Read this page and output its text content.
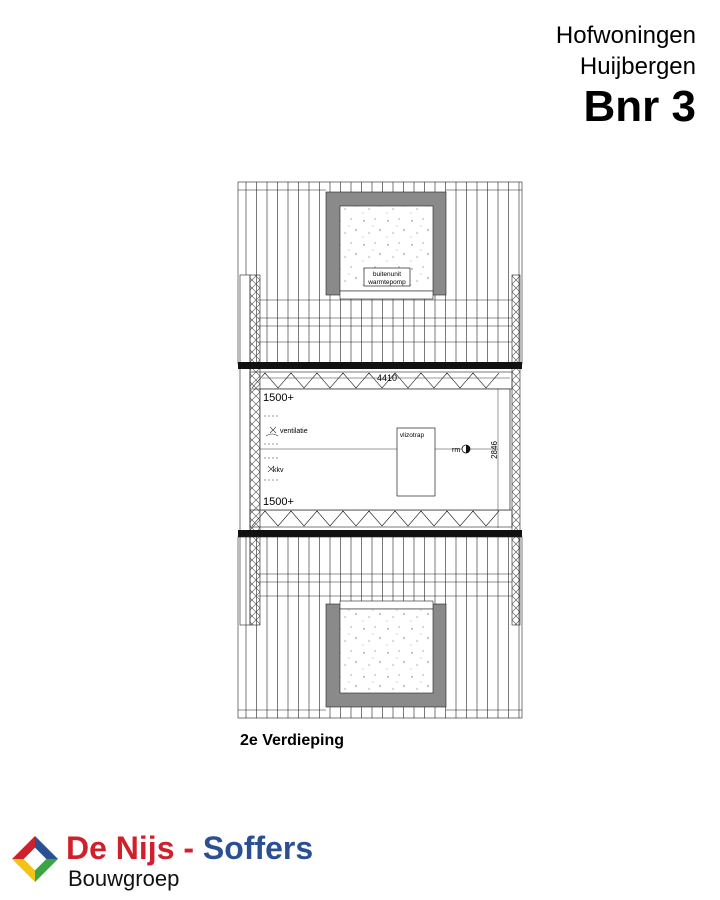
Hofwoningen
Huijbergen
Bnr 3
buitenunit
warmtepomp
4410
2846
1500+
1500+
ventilatie
kkv
vlizotrap
rm
2e Verdieping
De Nijs - Soffers
Bouwgroep
